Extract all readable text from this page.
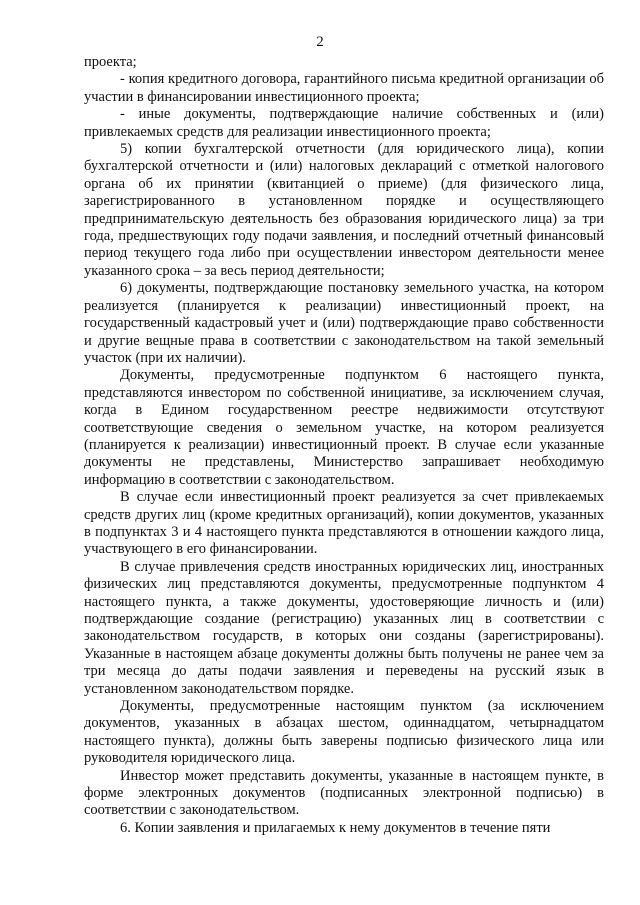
2

проекта;

- копия кредитного договора, гарантийного письма кредитной организации об участии в финансировании инвестиционного проекта;

- иные документы, подтверждающие наличие собственных и (или) привлекаемых средств для реализации инвестиционного проекта;

5) копии бухгалтерской отчетности (для юридического лица), копии бухгалтерской отчетности и (или) налоговых деклараций с отметкой налогового органа об их принятии (квитанцией о приеме) (для физического лица, зарегистрированного в установленном порядке и осуществляющего предпринимательскую деятельность без образования юридического лица) за три года, предшествующих году подачи заявления, и последний отчетный финансовый период текущего года либо при осуществлении инвестором деятельности менее указанного срока – за весь период деятельности;

6) документы, подтверждающие постановку земельного участка, на котором реализуется (планируется к реализации) инвестиционный проект, на государственный кадастровый учет и (или) подтверждающие право собственности и другие вещные права в соответствии с законодательством на такой земельный участок (при их наличии).

Документы, предусмотренные подпунктом 6 настоящего пункта, представляются инвестором по собственной инициативе, за исключением случая, когда в Едином государственном реестре недвижимости отсутствуют соответствующие сведения о земельном участке, на котором реализуется (планируется к реализации) инвестиционный проект. В случае если указанные документы не представлены, Министерство запрашивает необходимую информацию в соответствии с законодательством.

В случае если инвестиционный проект реализуется за счет привлекаемых средств других лиц (кроме кредитных организаций), копии документов, указанных в подпунктах 3 и 4 настоящего пункта представляются в отношении каждого лица, участвующего в его финансировании.

В случае привлечения средств иностранных юридических лиц, иностранных физических лиц представляются документы, предусмотренные подпунктом 4 настоящего пункта, а также документы, удостоверяющие личность и (или) подтверждающие создание (регистрацию) указанных лиц в соответствии с законодательством государств, в которых они созданы (зарегистрированы). Указанные в настоящем абзаце документы должны быть получены не ранее чем за три месяца до даты подачи заявления и переведены на русский язык в установленном законодательством порядке.

Документы, предусмотренные настоящим пунктом (за исключением документов, указанных в абзацах шестом, одиннадцатом, четырнадцатом настоящего пункта), должны быть заверены подписью физического лица или руководителя юридического лица.

Инвестор может представить документы, указанные в настоящем пункте, в форме электронных документов (подписанных электронной подписью) в соответствии с законодательством.

6. Копии заявления и прилагаемых к нему документов в течение пяти
